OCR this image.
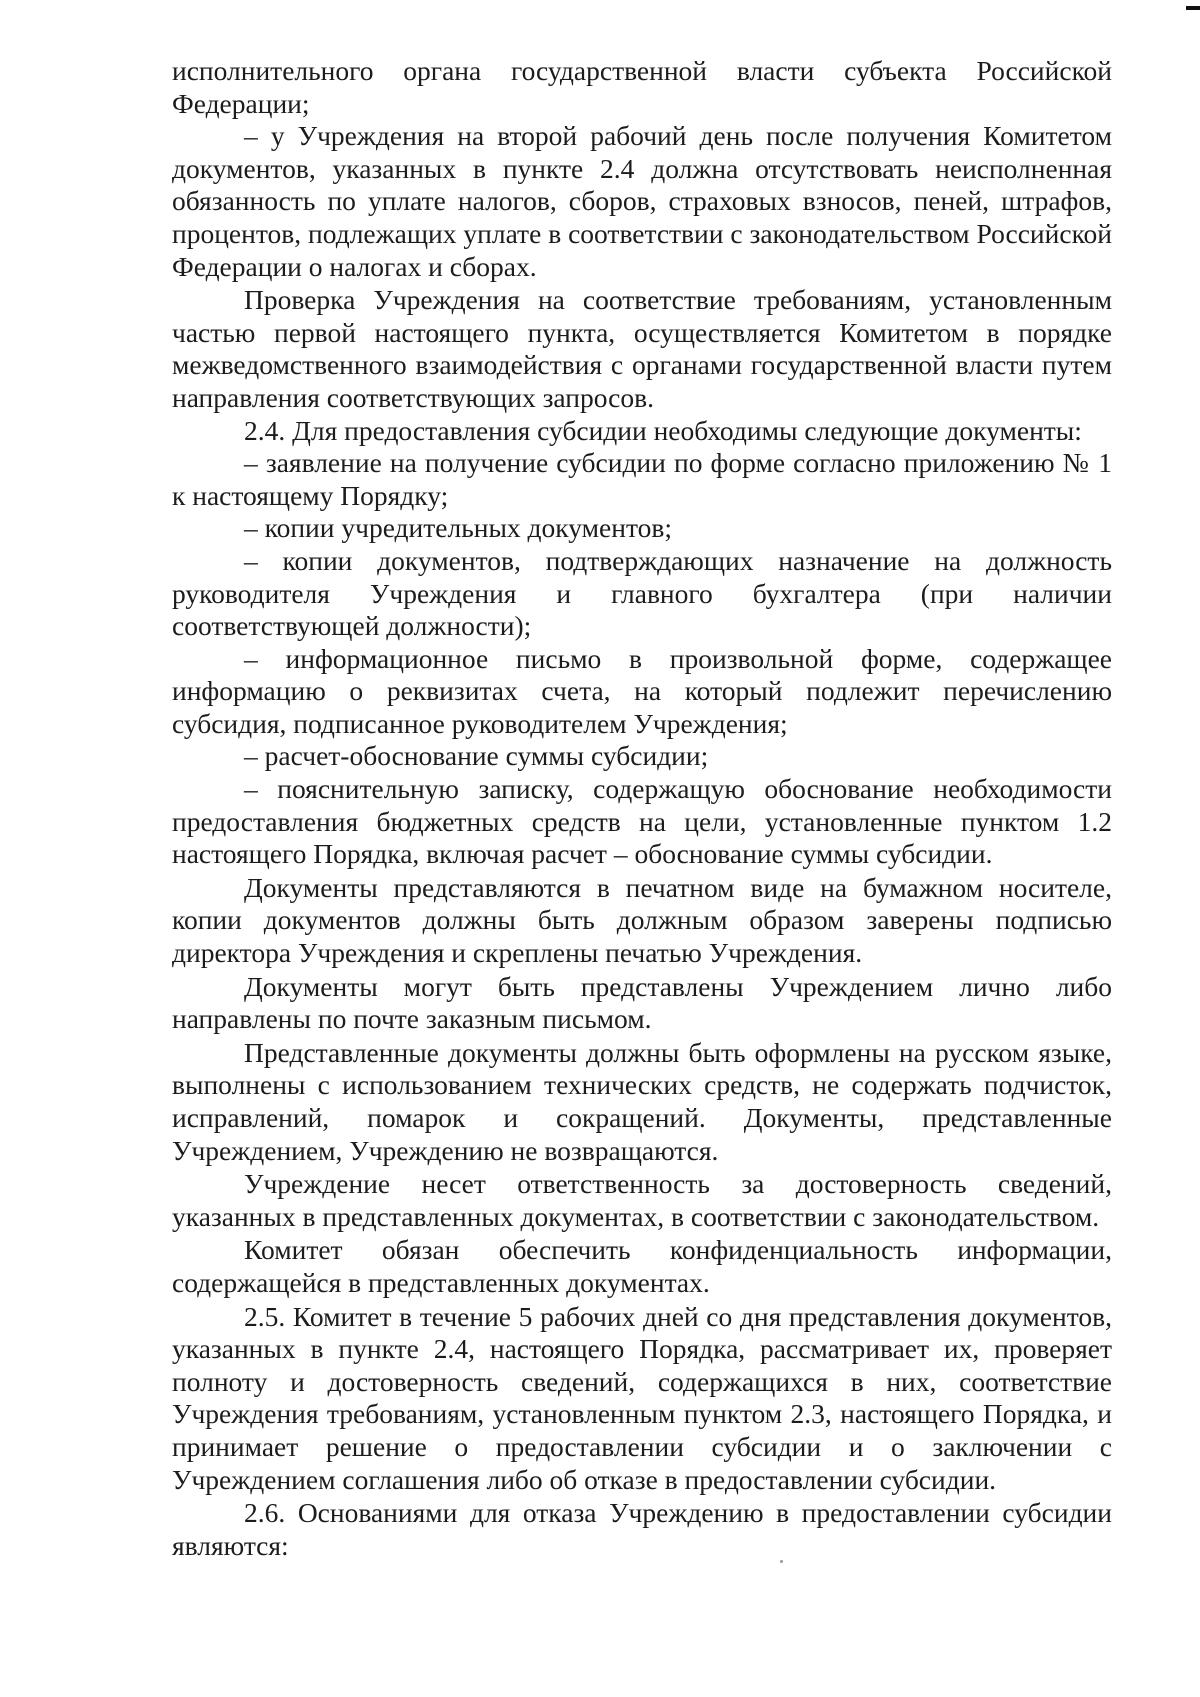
исполнительного органа государственной власти субъекта Российской Федерации;

– у Учреждения на второй рабочий день после получения Комитетом документов, указанных в пункте 2.4 должна отсутствовать неисполненная обязанность по уплате налогов, сборов, страховых взносов, пеней, штрафов, процентов, подлежащих уплате в соответствии с законодательством Российской Федерации о налогах и сборах.

Проверка Учреждения на соответствие требованиям, установленным частью первой настоящего пункта, осуществляется Комитетом в порядке межведомственного взаимодействия с органами государственной власти путем направления соответствующих запросов.

2.4. Для предоставления субсидии необходимы следующие документы:

– заявление на получение субсидии по форме согласно приложению № 1 к настоящему Порядку;

– копии учредительных документов;

– копии документов, подтверждающих назначение на должность руководителя Учреждения и главного бухгалтера (при наличии соответствующей должности);

– информационное письмо в произвольной форме, содержащее информацию о реквизитах счета, на который подлежит перечислению субсидия, подписанное руководителем Учреждения;

– расчет-обоснование суммы субсидии;

– пояснительную записку, содержащую обоснование необходимости предоставления бюджетных средств на цели, установленные пунктом 1.2 настоящего Порядка, включая расчет – обоснование суммы субсидии.

Документы представляются в печатном виде на бумажном носителе, копии документов должны быть должным образом заверены подписью директора Учреждения и скреплены печатью Учреждения.

Документы могут быть представлены Учреждением лично либо направлены по почте заказным письмом.

Представленные документы должны быть оформлены на русском языке, выполнены с использованием технических средств, не содержать подчисток, исправлений, помарок и сокращений. Документы, представленные Учреждением, Учреждению не возвращаются.

Учреждение несет ответственность за достоверность сведений, указанных в представленных документах, в соответствии с законодательством.

Комитет обязан обеспечить конфиденциальность информации, содержащейся в представленных документах.

2.5. Комитет в течение 5 рабочих дней со дня представления документов, указанных в пункте 2.4, настоящего Порядка, рассматривает их, проверяет полноту и достоверность сведений, содержащихся в них, соответствие Учреждения требованиям, установленным пунктом 2.3, настоящего Порядка, и принимает решение о предоставлении субсидии и о заключении с Учреждением соглашения либо об отказе в предоставлении субсидии.

2.6. Основаниями для отказа Учреждению в предоставлении субсидии являются:
